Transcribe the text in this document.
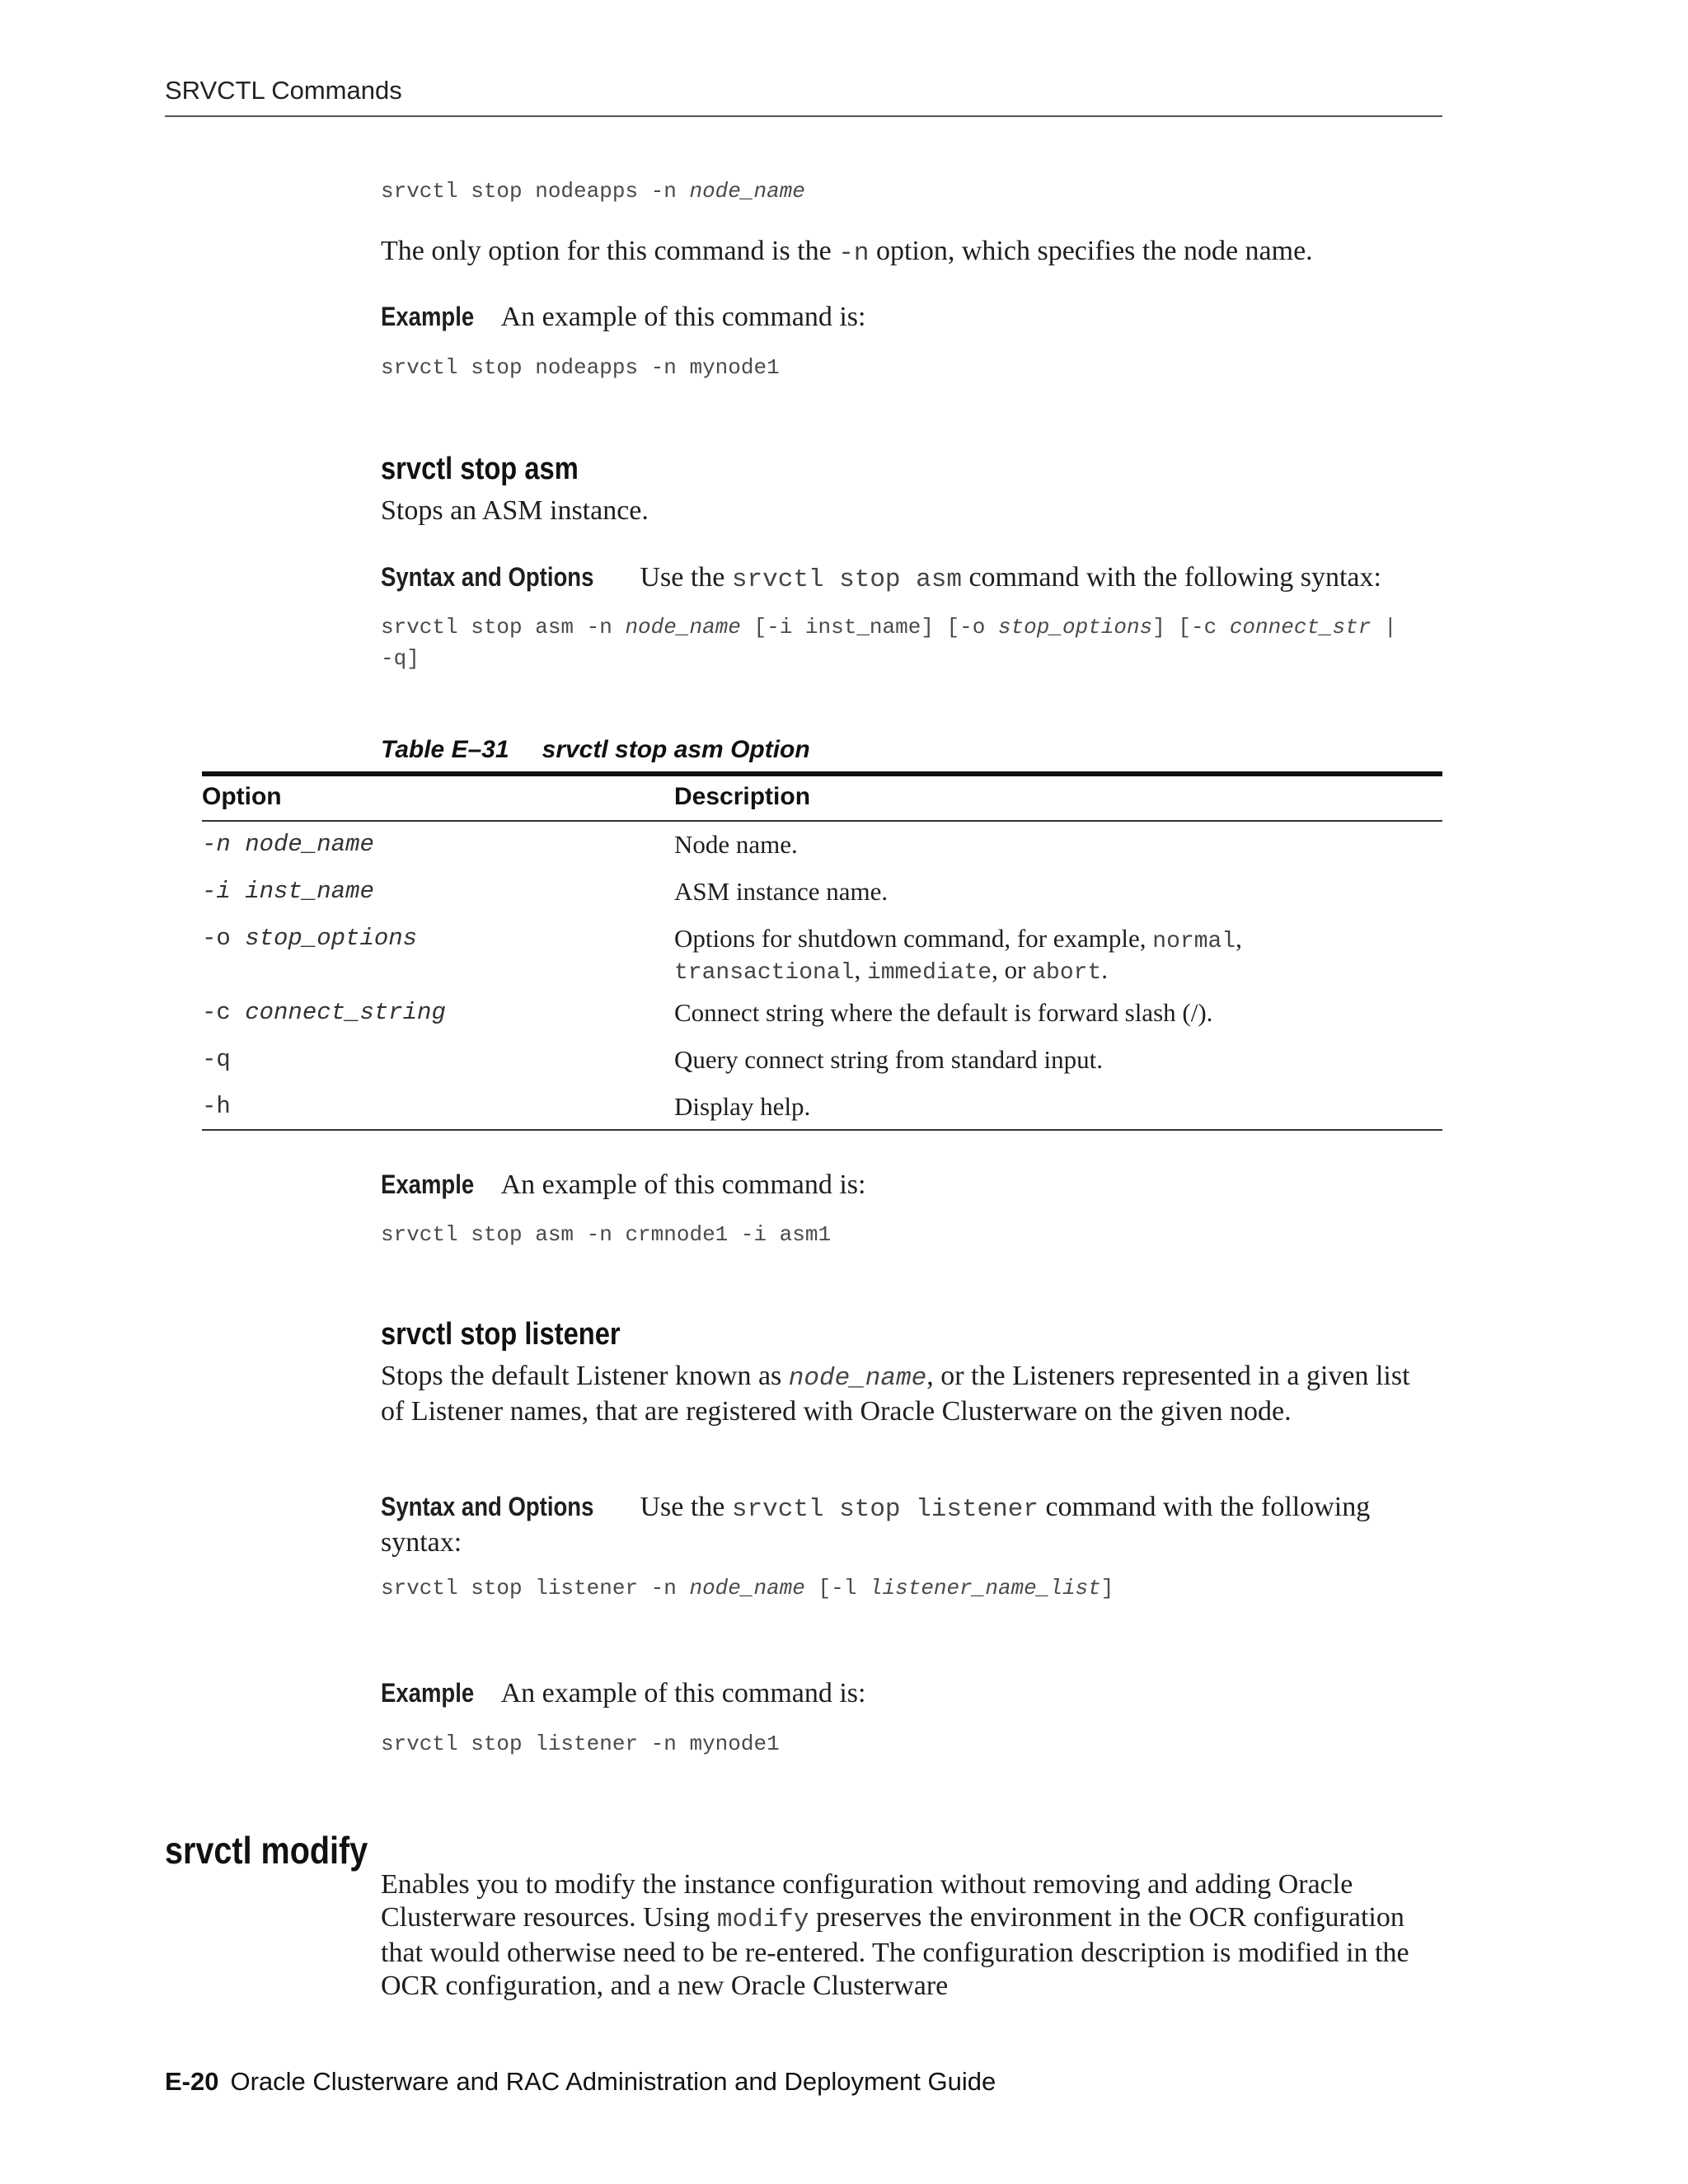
SRVCTL Commands
srvctl stop nodeapps -n node_name
The only option for this command is the -n option, which specifies the node name.
Example An example of this command is:
srvctl stop nodeapps -n mynode1
srvctl stop asm
Stops an ASM instance.
Syntax and Options Use the srvctl stop asm command with the following syntax:
srvctl stop asm -n node_name [-i inst_name] [-o stop_options] [-c connect_str |
-q]
Table E–31 srvctl stop asm Option
Option	Description
-n node_name	Node name.
-i inst_name	ASM instance name.
-o stop_options	Options for shutdown command, for example, normal,
transactional, immediate, or abort.
-c connect_string	Connect string where the default is forward slash (/).
-q	Query connect string from standard input.
-h	Display help.
Example An example of this command is:
srvctl stop asm -n crmnode1 -i asm1
srvctl stop listener
Stops the default Listener known as node_name, or the Listeners represented in a given list of Listener names, that are registered with Oracle Clusterware on the given node.
Syntax and Options Use the srvctl stop listener command with the following syntax:
srvctl stop listener -n node_name [-l listener_name_list]
Example An example of this command is:
srvctl stop listener -n mynode1
srvctl modify
Enables you to modify the instance configuration without removing and adding Oracle Clusterware resources. Using modify preserves the environment in the OCR configuration that would otherwise need to be re-entered. The configuration description is modified in the OCR configuration, and a new Oracle Clusterware
E-20 Oracle Clusterware and RAC Administration and Deployment Guide
